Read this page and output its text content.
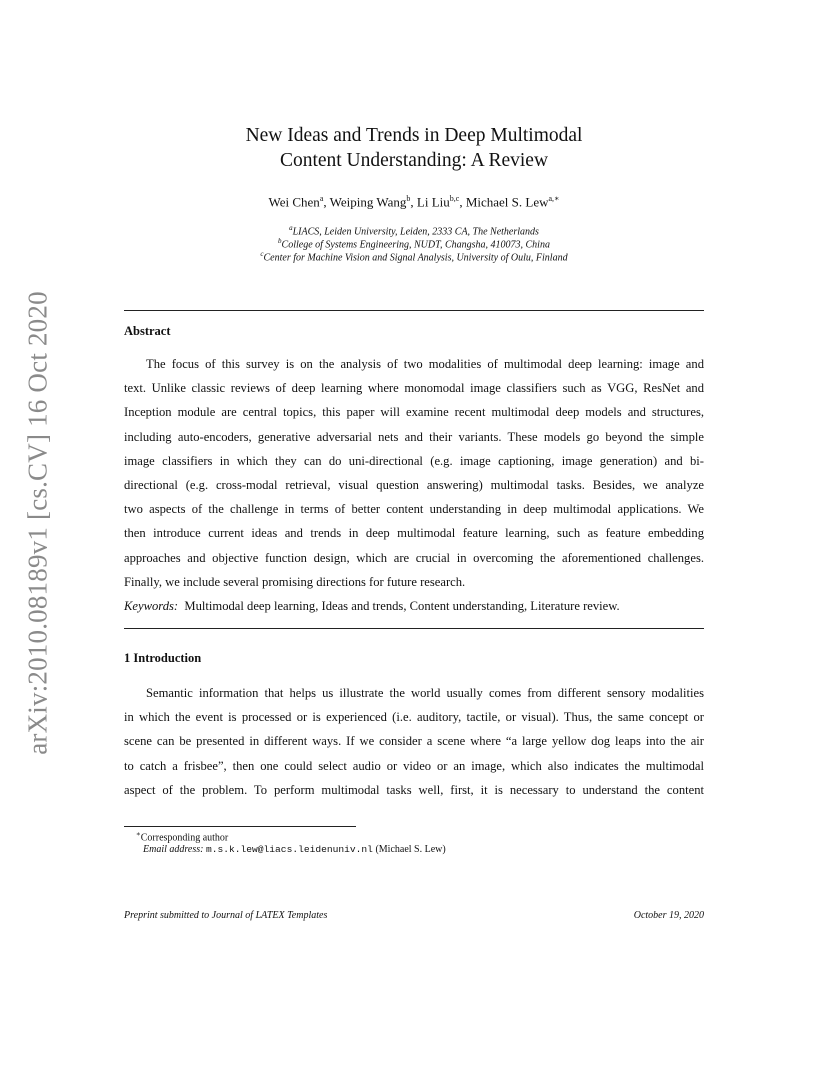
arXiv:2010.08189v1 [cs.CV] 16 Oct 2020
New Ideas and Trends in Deep Multimodal
Content Understanding: A Review
Wei Chen$^a$, Weiping Wang$^b$, Li Liu$^{b,c}$, Michael S. Lew$^{a,∗}$
$^a$LIACS, Leiden University, Leiden, 2333 CA, The Netherlands
$^b$College of Systems Engineering, NUDT, Changsha, 410073, China
$^c$Center for Machine Vision and Signal Analysis, University of Oulu, Finland
Abstract
The focus of this survey is on the analysis of two modalities of multimodal deep learning: image and
text. Unlike classic reviews of deep learning where monomodal image classifiers such as VGG, ResNet and
Inception module are central topics, this paper will examine recent multimodal deep models and structures,
including auto-encoders, generative adversarial nets and their variants. These models go beyond the simple
image classifiers in which they can do uni-directional (e.g. image captioning, image generation) and bi-
directional (e.g. cross-modal retrieval, visual question answering) multimodal tasks. Besides, we analyze
two aspects of the challenge in terms of better content understanding in deep multimodal applications. We
then introduce current ideas and trends in deep multimodal feature learning, such as feature embedding
approaches and objective function design, which are crucial in overcoming the aforementioned challenges.
Finally, we include several promising directions for future research.
Keywords: Multimodal deep learning, Ideas and trends, Content understanding, Literature review.
1 Introduction
Semantic information that helps us illustrate the world usually comes from different sensory modalities
in which the event is processed or is experienced (i.e. auditory, tactile, or visual). Thus, the same concept or
scene can be presented in different ways. If we consider a scene where “a large yellow dog leaps into the air
to catch a frisbee”, then one could select audio or video or an image, which also indicates the multimodal
aspect of the problem. To perform multimodal tasks well, first, it is necessary to understand the content
∗Corresponding author
Email address: m.s.k.lew@liacs.leidenuniv.nl (Michael S. Lew)
Preprint submitted to Journal of LATEX Templates	October 19, 2020
